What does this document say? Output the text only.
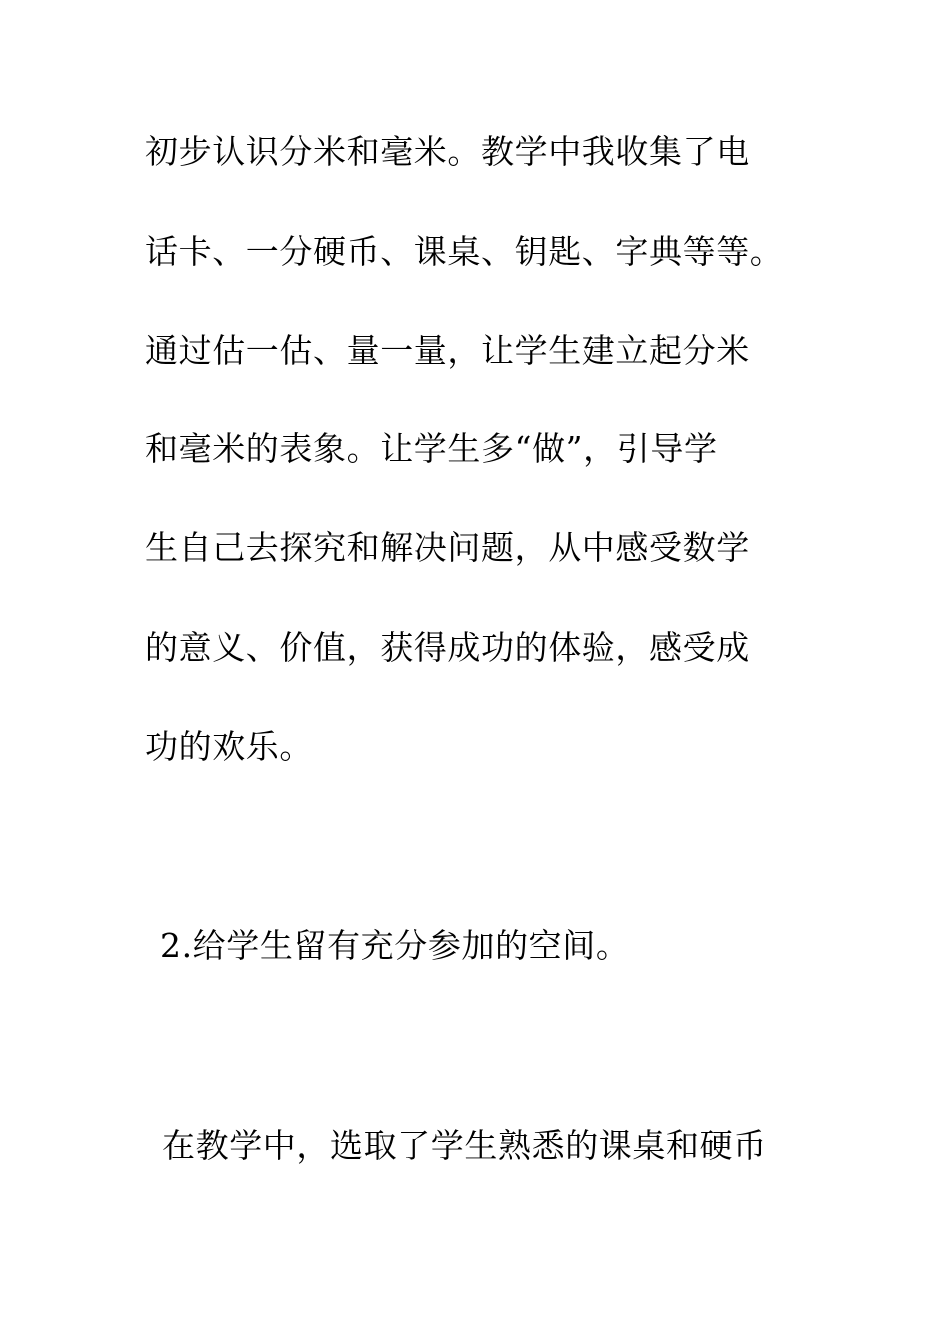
初步认识分米和毫米。教学中我收集了电
话卡、一分硬币、课桌、钥匙、字典等等。
通过估一估、量一量，让学生建立起分米
和毫米的表象。让学生多“做”，引导学
生自己去探究和解决问题，从中感受数学
的意义、价值，获得成功的体验，感受成
功的欢乐。
2.给学生留有充分参加的空间。
在教学中，选取了学生熟悉的课桌和硬币
